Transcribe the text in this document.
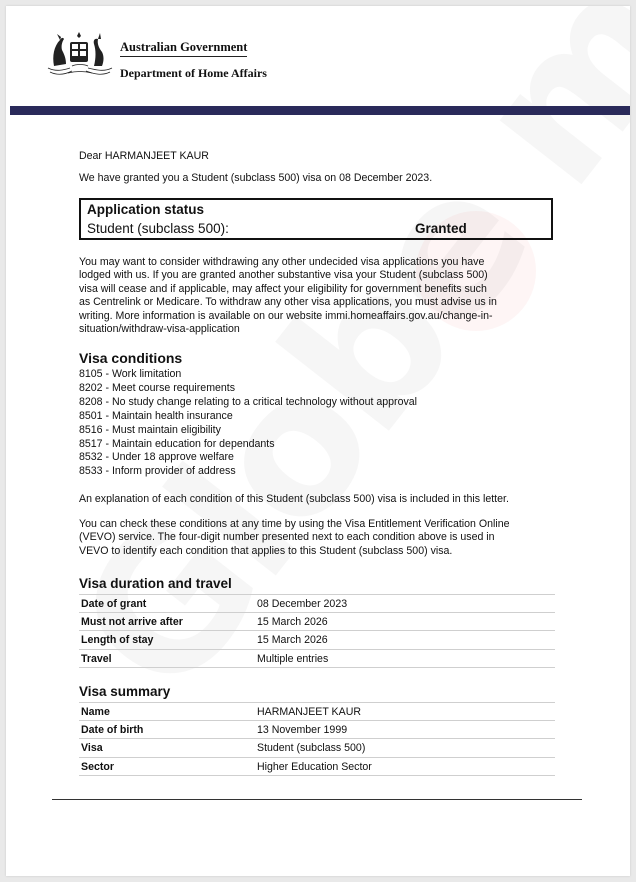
Australian Government
Department of Home Affairs
Dear HARMANJEET KAUR
We have granted you a Student (subclass 500) visa on 08 December 2023.
Application status
Student (subclass 500):	Granted
You may want to consider withdrawing any other undecided visa applications you have
lodged with us. If you are granted another substantive visa your Student (subclass 500)
visa will cease and if applicable, may affect your eligibility for government benefits such
as Centrelink or Medicare. To withdraw any other visa applications, you must advise us in
writing. More information is available on our website immi.homeaffairs.gov.au/change-in-
situation/withdraw-visa-application
Visa conditions
8105 - Work limitation
8202 - Meet course requirements
8208 - No study change relating to a critical technology without approval
8501 - Maintain health insurance
8516 - Must maintain eligibility
8517 - Maintain education for dependants
8532 - Under 18 approve welfare
8533 - Inform provider of address
An explanation of each condition of this Student (subclass 500) visa is included in this letter.
You can check these conditions at any time by using the Visa Entitlement Verification Online
(VEVO) service. The four-digit number presented next to each condition above is used in
VEVO to identify each condition that applies to this Student (subclass 500) visa.
Visa duration and travel
Date of grant	08 December 2023
Must not arrive after	15 March 2026
Length of stay	15 March 2026
Travel	Multiple entries
Visa summary
Name	HARMANJEET KAUR
Date of birth	13 November 1999
Visa	Student (subclass 500)
Sector	Higher Education Sector
